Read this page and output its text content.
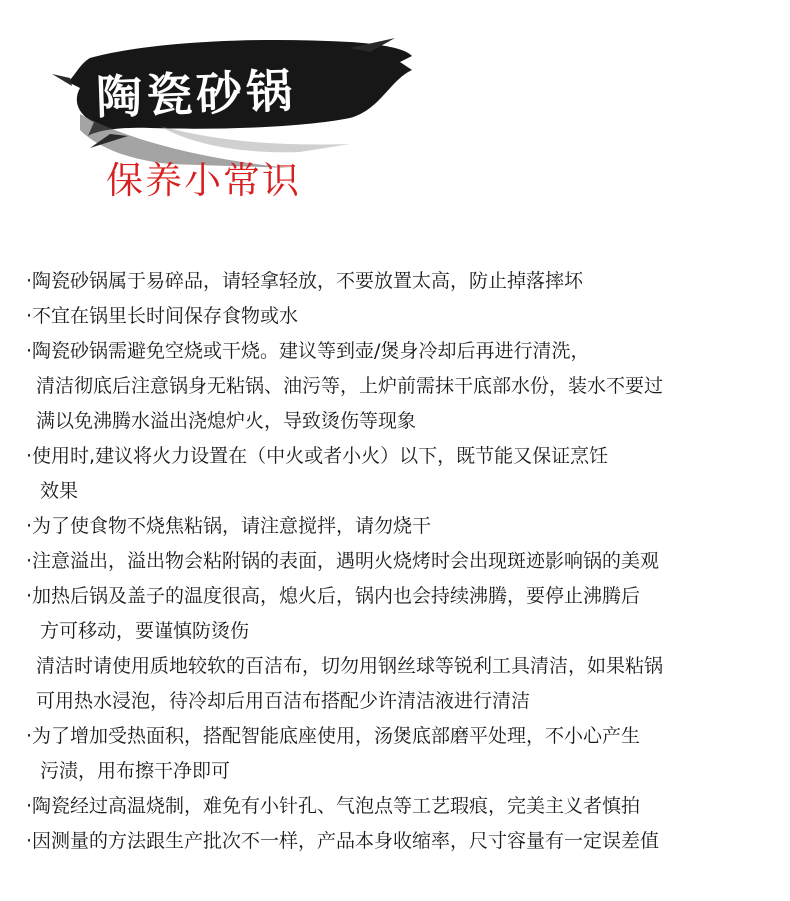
陶瓷砂锅
保养小常识
·陶瓷砂锅属于易碎品，请轻拿轻放，不要放置太高，防止掉落摔坏
·不宜在锅里长时间保存食物或水
·陶瓷砂锅需避免空烧或干烧。建议等到壶/煲身冷却后再进行清洗，
清洁彻底后注意锅身无粘锅、油污等，上炉前需抹干底部水份，装水不要过
满以免沸腾水溢出浇熄炉火，导致烫伤等现象
·使用时,建议将火力设置在（中火或者小火）以下，既节能又保证烹饪
效果
·为了使食物不烧焦粘锅，请注意搅拌，请勿烧干
·注意溢出，溢出物会粘附锅的表面，遇明火烧烤时会出现斑迹影响锅的美观
·加热后锅及盖子的温度很高，熄火后，锅内也会持续沸腾，要停止沸腾后
方可移动，要谨慎防烫伤
清洁时请使用质地较软的百洁布，切勿用钢丝球等锐利工具清洁，如果粘锅
可用热水浸泡，待冷却后用百洁布搭配少许清洁液进行清洁
·为了增加受热面积，搭配智能底座使用，汤煲底部磨平处理，不小心产生
污渍，用布擦干净即可
·陶瓷经过高温烧制，难免有小针孔、气泡点等工艺瑕痕，完美主义者慎拍
·因测量的方法跟生产批次不一样，产品本身收缩率，尺寸容量有一定误差值
